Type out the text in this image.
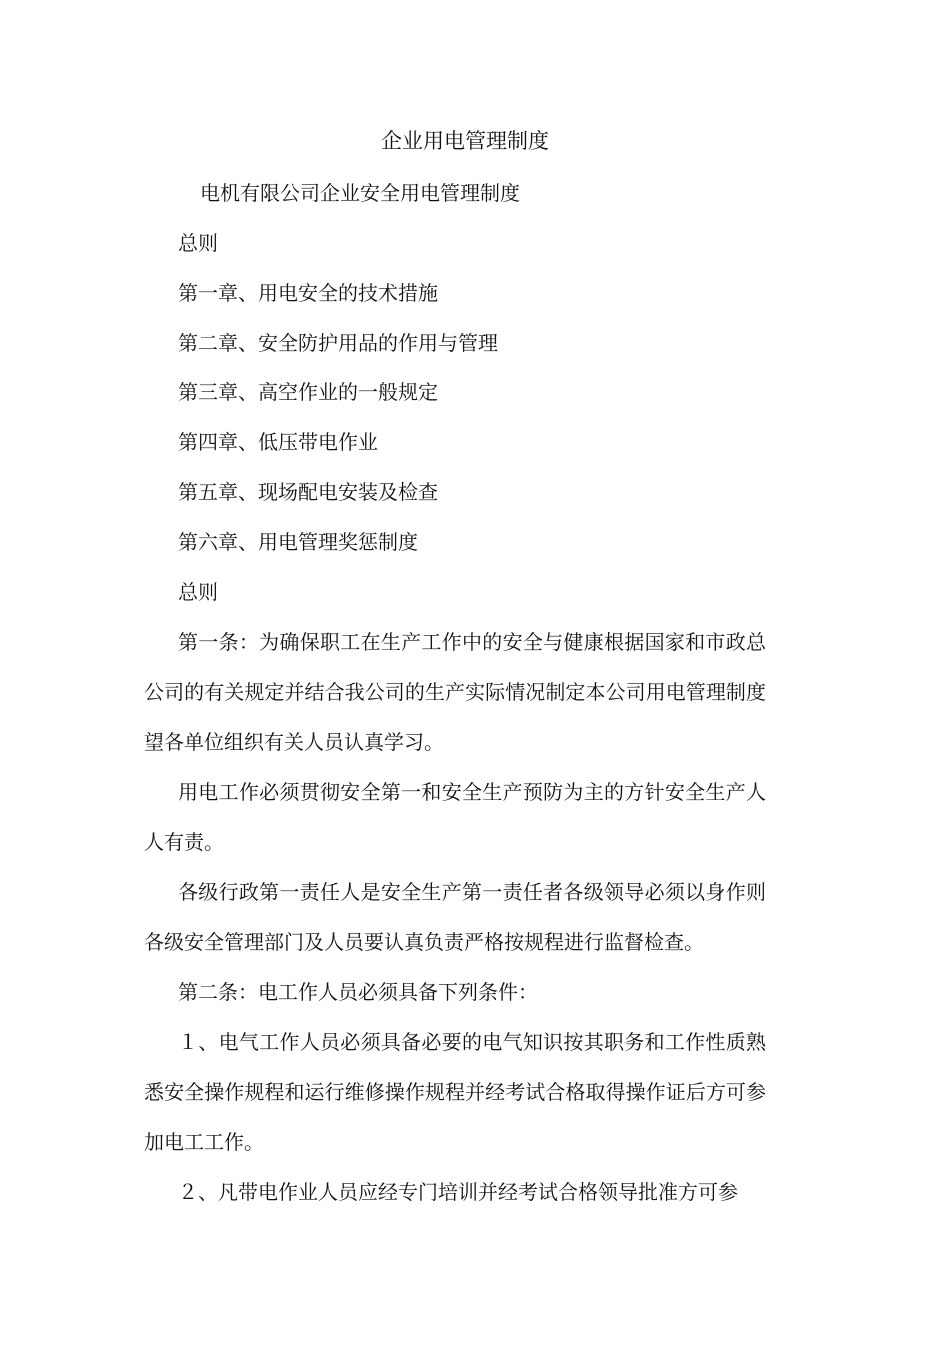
企业用电管理制度
电机有限公司企业安全用电管理制度
总则
第一章、用电安全的技术措施
第二章、安全防护用品的作用与管理
第三章、高空作业的一般规定
第四章、低压带电作业
第五章、现场配电安装及检查
第六章、用电管理奖惩制度
总则
第一条：为确保职工在生产工作中的安全与健康根据国家和市政总公司的有关规定并结合我公司的生产实际情况制定本公司用电管理制度望各单位组织有关人员认真学习。
用电工作必须贯彻安全第一和安全生产预防为主的方针安全生产人人有责。
各级行政第一责任人是安全生产第一责任者各级领导必须以身作则各级安全管理部门及人员要认真负责严格按规程进行监督检查。
第二条：电工作人员必须具备下列条件：
１、电气工作人员必须具备必要的电气知识按其职务和工作性质熟悉安全操作规程和运行维修操作规程并经考试合格取得操作证后方可参加电工工作。
２、凡带电作业人员应经专门培训并经考试合格领导批准方可参
